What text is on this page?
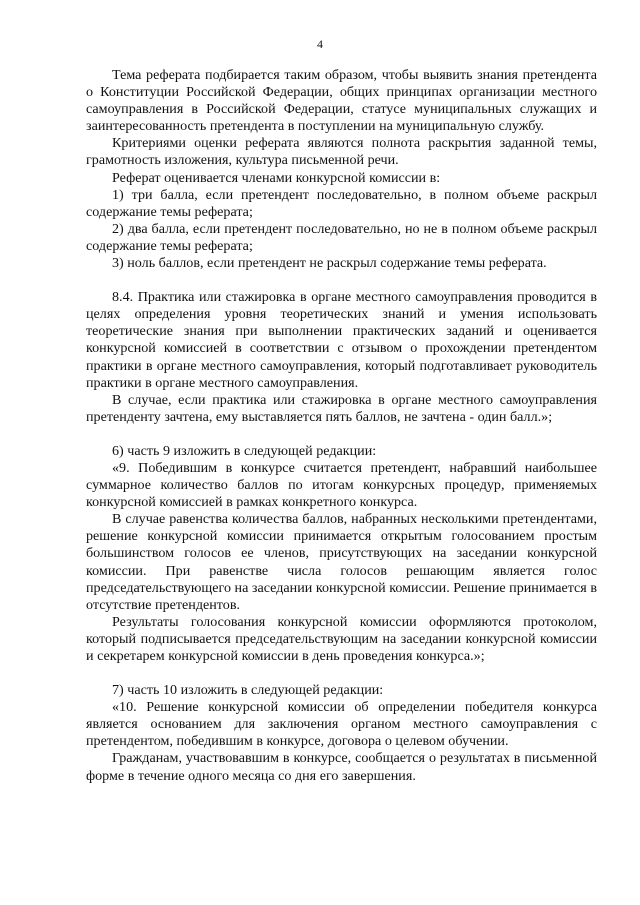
4

Тема реферата подбирается таким образом, чтобы выявить знания претендента о Конституции Российской Федерации, общих принципах организации местного самоуправления в Российской Федерации, статусе муниципальных служащих и заинтересованность претендента в поступлении на муниципальную службу.

Критериями оценки реферата являются полнота раскрытия заданной темы, грамотность изложения, культура письменной речи.

Реферат оценивается членами конкурсной комиссии в:

1) три балла, если претендент последовательно, в полном объеме раскрыл содержание темы реферата;

2) два балла, если претендент последовательно, но не в полном объеме раскрыл содержание темы реферата;

3) ноль баллов, если претендент не раскрыл содержание темы реферата.

8.4. Практика или стажировка в органе местного самоуправления проводится в целях определения уровня теоретических знаний и умения использовать теоретические знания при выполнении практических заданий и оценивается конкурсной комиссией в соответствии с отзывом о прохождении претендентом практики в органе местного самоуправления, который подготавливает руководитель практики в органе местного самоуправления.

В случае, если практика или стажировка в органе местного самоуправления претенденту зачтена, ему выставляется пять баллов, не зачтена - один балл.»;

6) часть 9 изложить в следующей редакции:

«9. Победившим в конкурсе считается претендент, набравший наибольшее суммарное количество баллов по итогам конкурсных процедур, применяемых конкурсной комиссией в рамках конкретного конкурса.

В случае равенства количества баллов, набранных несколькими претендентами, решение конкурсной комиссии принимается открытым голосованием простым большинством голосов ее членов, присутствующих на заседании конкурсной комиссии. При равенстве числа голосов решающим является голос председательствующего на заседании конкурсной комиссии. Решение принимается в отсутствие претендентов.

Результаты голосования конкурсной комиссии оформляются протоколом, который подписывается председательствующим на заседании конкурсной комиссии и секретарем конкурсной комиссии в день проведения конкурса.»;

7) часть 10 изложить в следующей редакции:

«10. Решение конкурсной комиссии об определении победителя конкурса является основанием для заключения органом местного самоуправления с претендентом, победившим в конкурсе, договора о целевом обучении.

Гражданам, участвовавшим в конкурсе, сообщается о результатах в письменной форме в течение одного месяца со дня его завершения.
